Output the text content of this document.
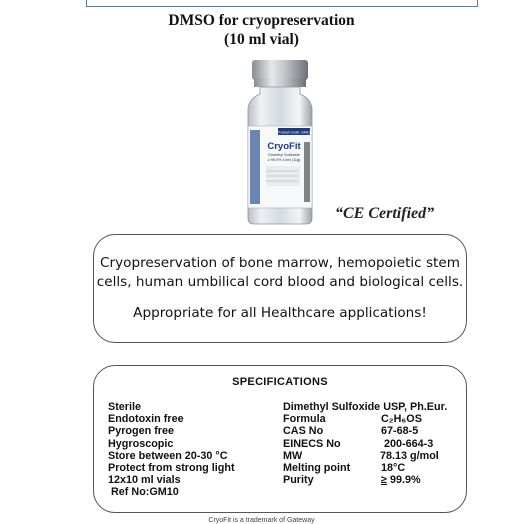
DMSO for cryopreservation
(10 ml vial)
Product Code: GM10
CryoFit
Dimethyl Sulfoxide
≥ 99.9% 10ml (11g)
“CE Certified”
Cryopreservation of bone marrow, hemopoietic stem
cells, human umbilical cord blood and biological cells.
Appropriate for all Healthcare applications!
SPECIFICATIONS
Sterile
Endotoxin free
Pyrogen free
Hygroscopic
Store between 20-30 °C
Protect from strong light
12x10 ml vials
Ref No:GM10
Dimethyl Sulfoxide USP, Ph.Eur.
Formula	C₂H₆OS
CAS No	67-68-5
EINECS No	200-664-3
MW	78.13 g/mol
Melting point	18°C
Purity	≥ 99.9%
CryoFit is a trademark of Gateway
